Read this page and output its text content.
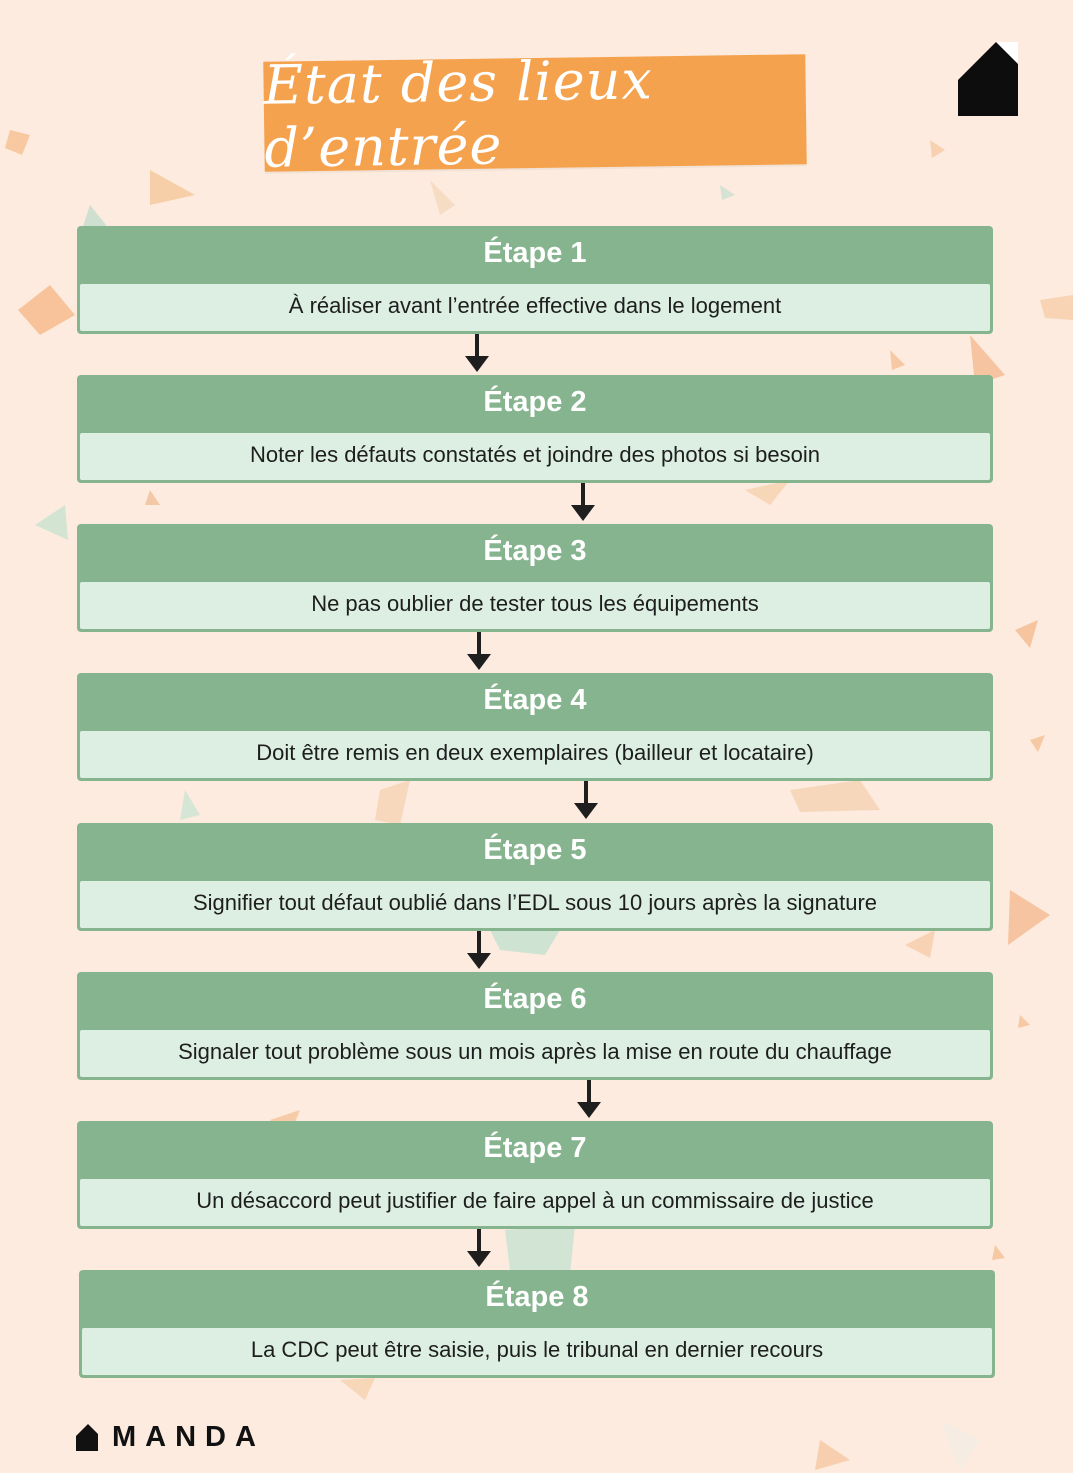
État des lieux d’entrée
Étape 1
À réaliser avant l’entrée effective dans le logement
Étape 2
Noter les défauts constatés et joindre des photos si besoin
Étape 3
Ne pas oublier de tester tous les équipements
Étape 4
Doit être remis en deux exemplaires (bailleur et locataire)
Étape 5
Signifier tout défaut oublié dans l’EDL sous 10 jours après la signature
Étape 6
Signaler tout problème sous un mois après la mise en route du chauffage
Étape 7
Un désaccord peut justifier de faire appel à un commissaire de justice
Étape 8
La CDC peut être saisie, puis le tribunal en dernier recours
MANDA
